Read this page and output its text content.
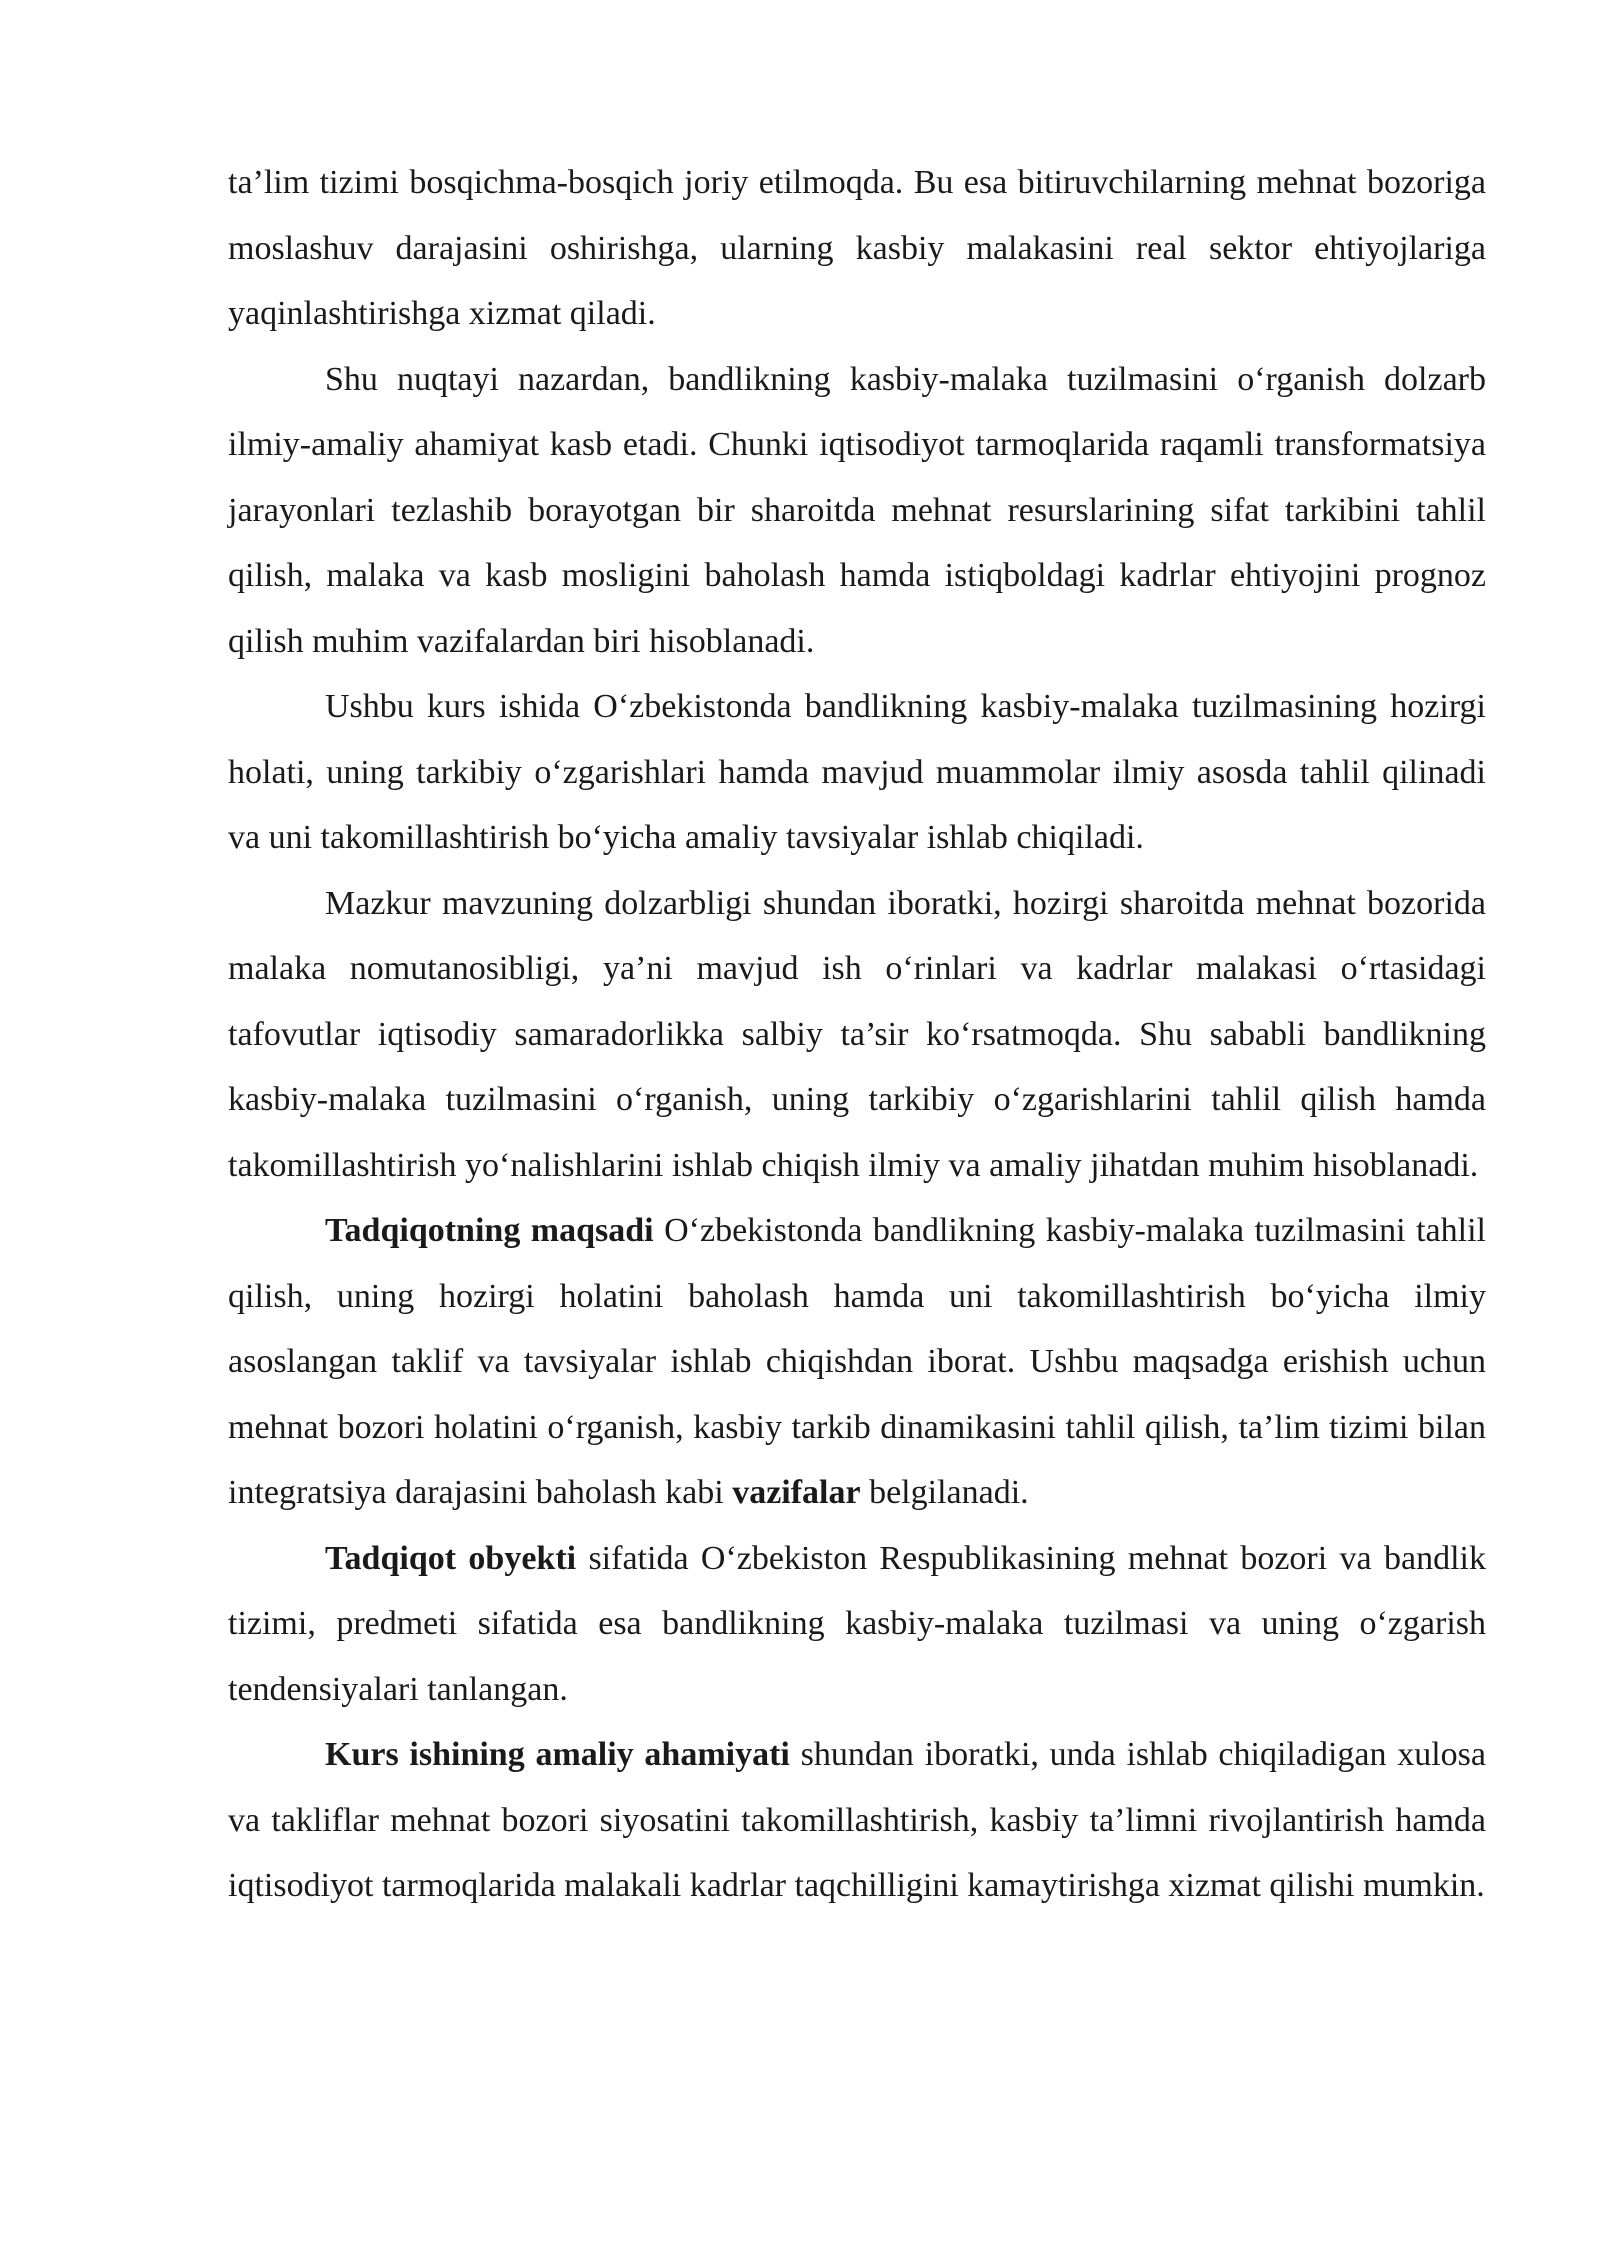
ta’lim tizimi bosqichma-bosqich joriy etilmoqda. Bu esa bitiruvchilarning mehnat bozoriga moslashuv darajasini oshirishga, ularning kasbiy malakasini real sektor ehtiyojlariga yaqinlashtirishga xizmat qiladi.

Shu nuqtayi nazardan, bandlikning kasbiy-malaka tuzilmasini o‘rganish dolzarb ilmiy-amaliy ahamiyat kasb etadi. Chunki iqtisodiyot tarmoqlarida raqamli transformatsiya jarayonlari tezlashib borayotgan bir sharoitda mehnat resurslarining sifat tarkibini tahlil qilish, malaka va kasb mosligini baholash hamda istiqboldagi kadrlar ehtiyojini prognoz qilish muhim vazifalardan biri hisoblanadi.

Ushbu kurs ishida O‘zbekistonda bandlikning kasbiy-malaka tuzilmasining hozirgi holati, uning tarkibiy o‘zgarishlari hamda mavjud muammolar ilmiy asosda tahlil qilinadi va uni takomillashtirish bo‘yicha amaliy tavsiyalar ishlab chiqiladi.

Mazkur mavzuning dolzarbligi shundan iboratki, hozirgi sharoitda mehnat bozorida malaka nomutanosibligi, ya’ni mavjud ish o‘rinlari va kadrlar malakasi o‘rtasidagi tafovutlar iqtisodiy samaradorlikka salbiy ta’sir ko‘rsatmoqda. Shu sababli bandlikning kasbiy-malaka tuzilmasini o‘rganish, uning tarkibiy o‘zgarishlarini tahlil qilish hamda takomillashtirish yo‘nalishlarini ishlab chiqish ilmiy va amaliy jihatdan muhim hisoblanadi.

Tadqiqotning maqsadi O‘zbekistonda bandlikning kasbiy-malaka tuzilmasini tahlil qilish, uning hozirgi holatini baholash hamda uni takomillashtirish bo‘yicha ilmiy asoslangan taklif va tavsiyalar ishlab chiqishdan iborat. Ushbu maqsadga erishish uchun mehnat bozori holatini o‘rganish, kasbiy tarkib dinamikasini tahlil qilish, ta’lim tizimi bilan integratsiya darajasini baholash kabi vazifalar belgilanadi.

Tadqiqot obyekti sifatida O‘zbekiston Respublikasining mehnat bozori va bandlik tizimi, predmeti sifatida esa bandlikning kasbiy-malaka tuzilmasi va uning o‘zgarish tendensiyalari tanlangan.

Kurs ishining amaliy ahamiyati shundan iboratki, unda ishlab chiqiladigan xulosa va takliflar mehnat bozori siyosatini takomillashtirish, kasbiy ta’limni rivojlantirish hamda iqtisodiyot tarmoqlarida malakali kadrlar taqchilligini kamaytirishga xizmat qilishi mumkin.
